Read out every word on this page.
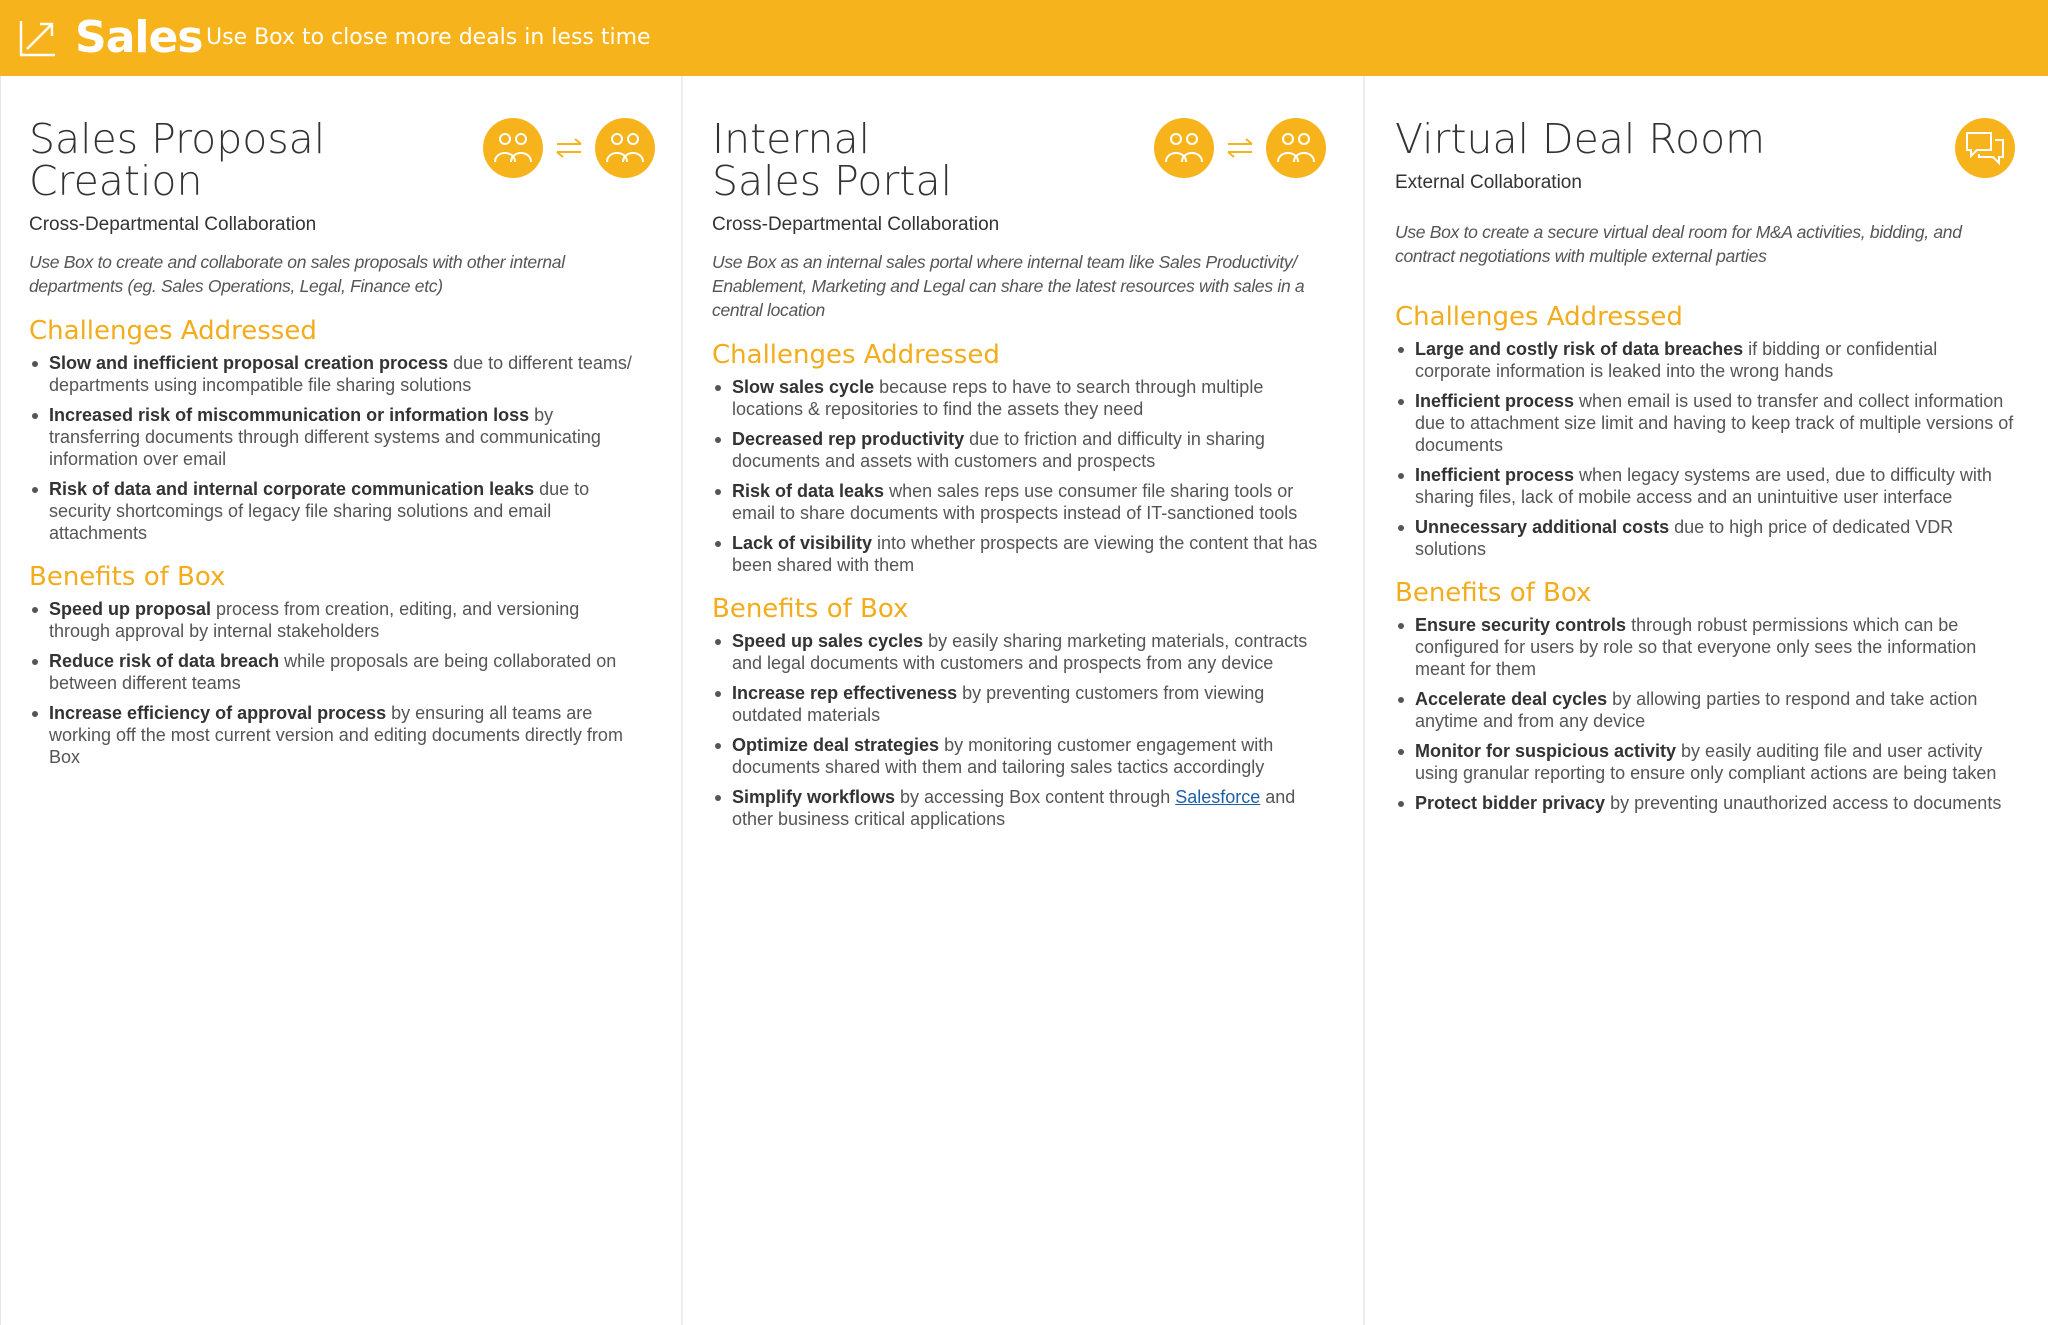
Sales Use Box to close more deals in less time
Sales Proposal Creation
Cross-Departmental Collaboration
Use Box to create and collaborate on sales proposals with other internal departments (eg. Sales Operations, Legal, Finance etc)
Challenges Addressed
Slow and inefficient proposal creation process due to different teams/ departments using incompatible file sharing solutions
Increased risk of miscommunication or information loss by transferring documents through different systems and communicating information over email
Risk of data and internal corporate communication leaks due to security shortcomings of legacy file sharing solutions and email attachments
Benefits of Box
Speed up proposal process from creation, editing, and versioning through approval by internal stakeholders
Reduce risk of data breach while proposals are being collaborated on between different teams
Increase efficiency of approval process by ensuring all teams are working off the most current version and editing documents directly from Box
Internal Sales Portal
Cross-Departmental Collaboration
Use Box as an internal sales portal where internal team like Sales Productivity/ Enablement, Marketing and Legal can share the latest resources with sales in a central location
Challenges Addressed
Slow sales cycle because reps to have to search through multiple locations & repositories to find the assets they need
Decreased rep productivity due to friction and difficulty in sharing documents and assets with customers and prospects
Risk of data leaks when sales reps use consumer file sharing tools or email to share documents with prospects instead of IT-sanctioned tools
Lack of visibility into whether prospects are viewing the content that has been shared with them
Benefits of Box
Speed up sales cycles by easily sharing marketing materials, contracts and legal documents with customers and prospects from any device
Increase rep effectiveness by preventing customers from viewing outdated materials
Optimize deal strategies by monitoring customer engagement with documents shared with them and tailoring sales tactics accordingly
Simplify workflows by accessing Box content through Salesforce and other business critical applications
Virtual Deal Room
External Collaboration
Use Box to create a secure virtual deal room for M&A activities, bidding, and contract negotiations with multiple external parties
Challenges Addressed
Large and costly risk of data breaches if bidding or confidential corporate information is leaked into the wrong hands
Inefficient process when email is used to transfer and collect information due to attachment size limit and having to keep track of multiple versions of documents
Inefficient process when legacy systems are used, due to difficulty with sharing files, lack of mobile access and an unintuitive user interface
Unnecessary additional costs due to high price of dedicated VDR solutions
Benefits of Box
Ensure security controls through robust permissions which can be configured for users by role so that everyone only sees the information meant for them
Accelerate deal cycles by allowing parties to respond and take action anytime and from any device
Monitor for suspicious activity by easily auditing file and user activity using granular reporting to ensure only compliant actions are being taken
Protect bidder privacy by preventing unauthorized access to documents
